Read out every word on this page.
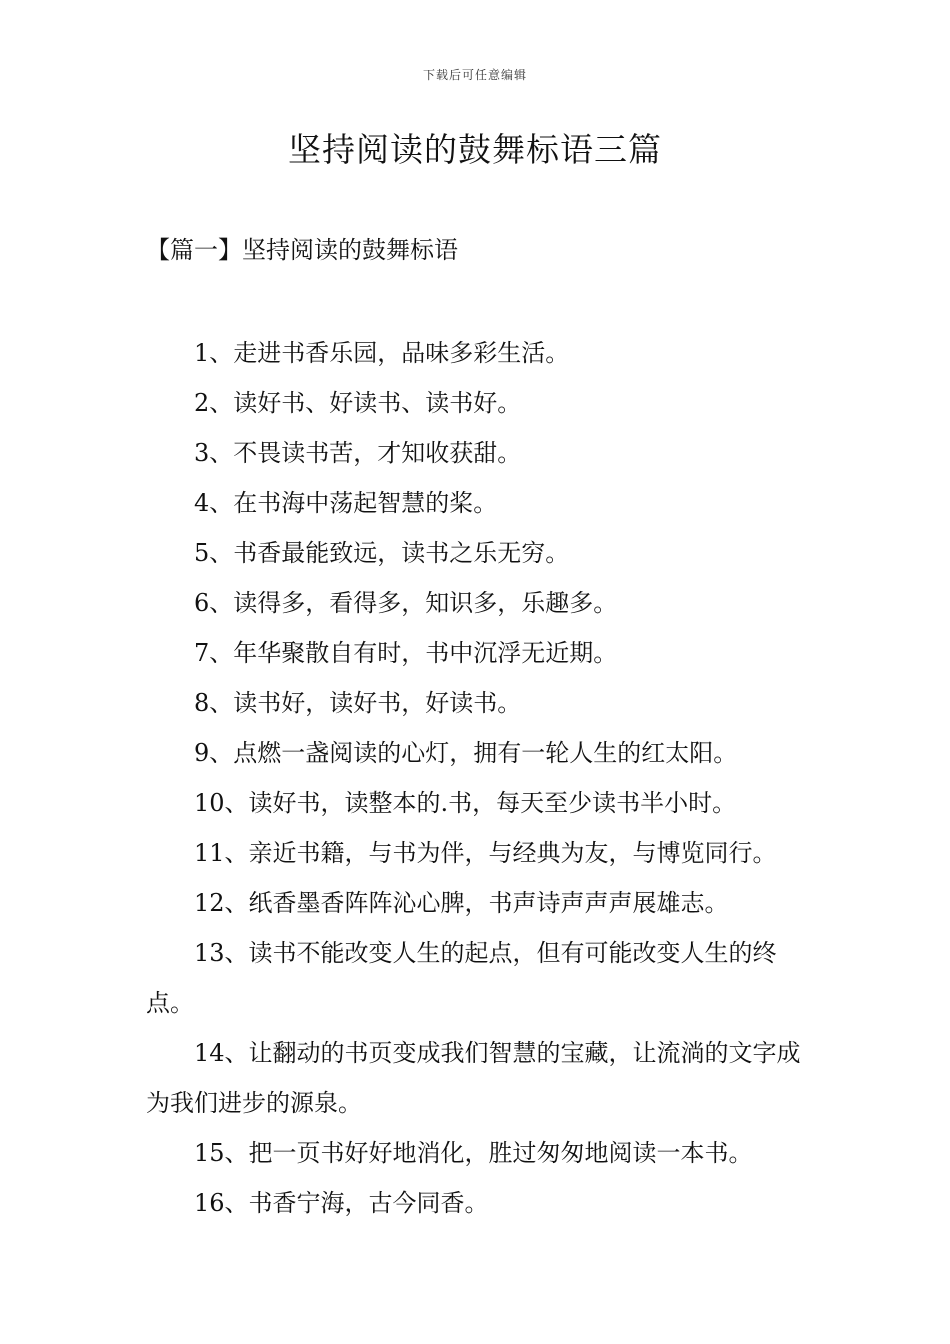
下载后可任意编辑
坚持阅读的鼓舞标语三篇
【篇一】坚持阅读的鼓舞标语
1、走进书香乐园，品味多彩生活。
2、读好书、好读书、读书好。
3、不畏读书苦，才知收获甜。
4、在书海中荡起智慧的桨。
5、书香最能致远，读书之乐无穷。
6、读得多，看得多，知识多，乐趣多。
7、年华聚散自有时，书中沉浮无近期。
8、读书好，读好书，好读书。
9、点燃一盏阅读的心灯，拥有一轮人生的红太阳。
10、读好书，读整本的.书，每天至少读书半小时。
11、亲近书籍，与书为伴，与经典为友，与博览同行。
12、纸香墨香阵阵沁心脾，书声诗声声声展雄志。
13、读书不能改变人生的起点，但有可能改变人生的终点。
14、让翻动的书页变成我们智慧的宝藏，让流淌的文字成为我们进步的源泉。
15、把一页书好好地消化，胜过匆匆地阅读一本书。
16、书香宁海，古今同香。
